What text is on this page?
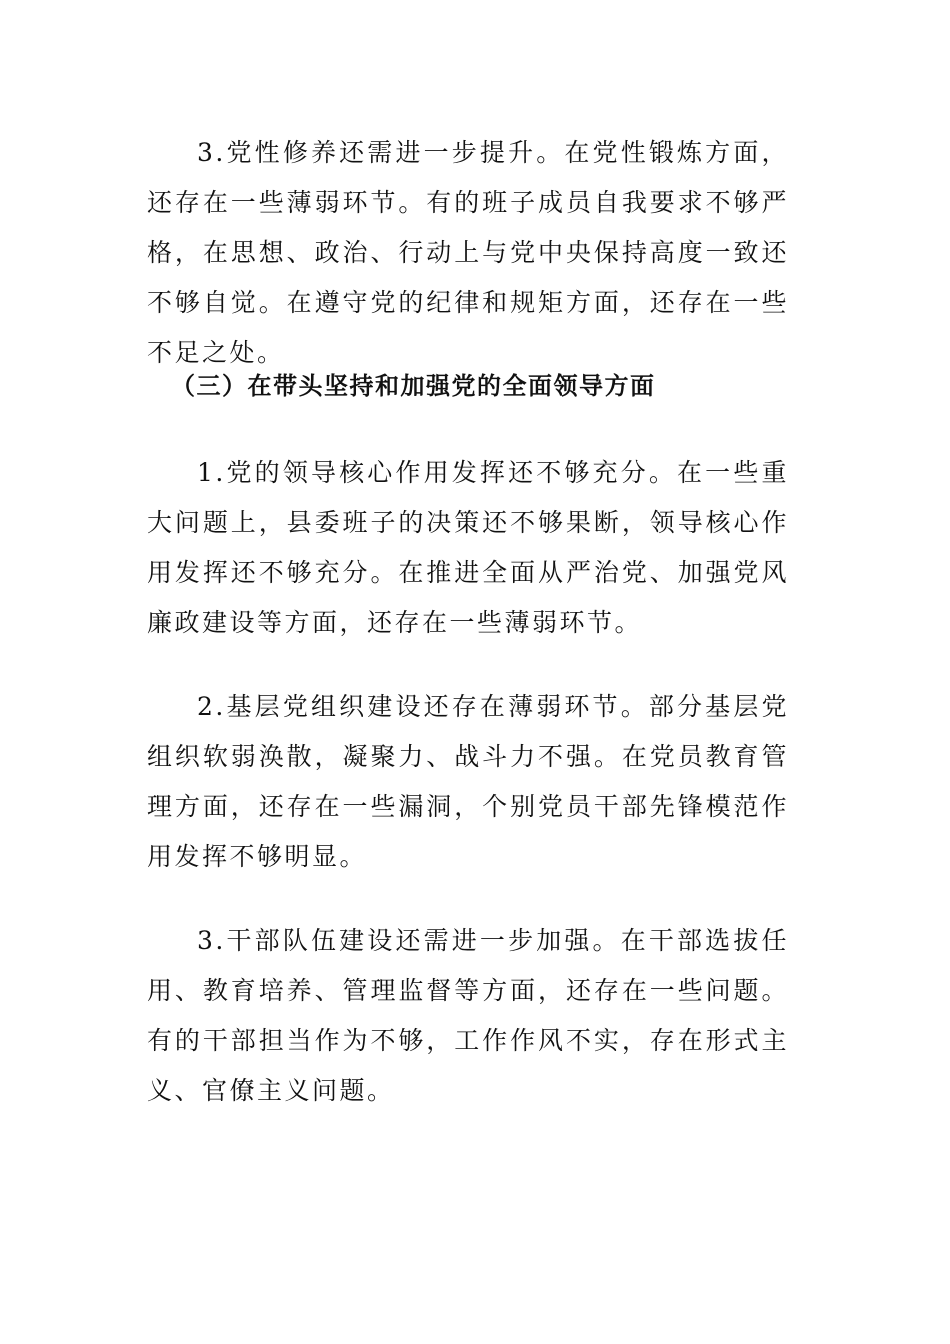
3.党性修养还需进一步提升。在党性锻炼方面，还存在一些薄弱环节。有的班子成员自我要求不够严格，在思想、政治、行动上与党中央保持高度一致还不够自觉。在遵守党的纪律和规矩方面，还存在一些不足之处。

（三）在带头坚持和加强党的全面领导方面

1.党的领导核心作用发挥还不够充分。在一些重大问题上，县委班子的决策还不够果断，领导核心作用发挥还不够充分。在推进全面从严治党、加强党风廉政建设等方面，还存在一些薄弱环节。

2.基层党组织建设还存在薄弱环节。部分基层党组织软弱涣散，凝聚力、战斗力不强。在党员教育管理方面，还存在一些漏洞，个别党员干部先锋模范作用发挥不够明显。

3.干部队伍建设还需进一步加强。在干部选拔任用、教育培养、管理监督等方面，还存在一些问题。有的干部担当作为不够，工作作风不实，存在形式主义、官僚主义问题。
